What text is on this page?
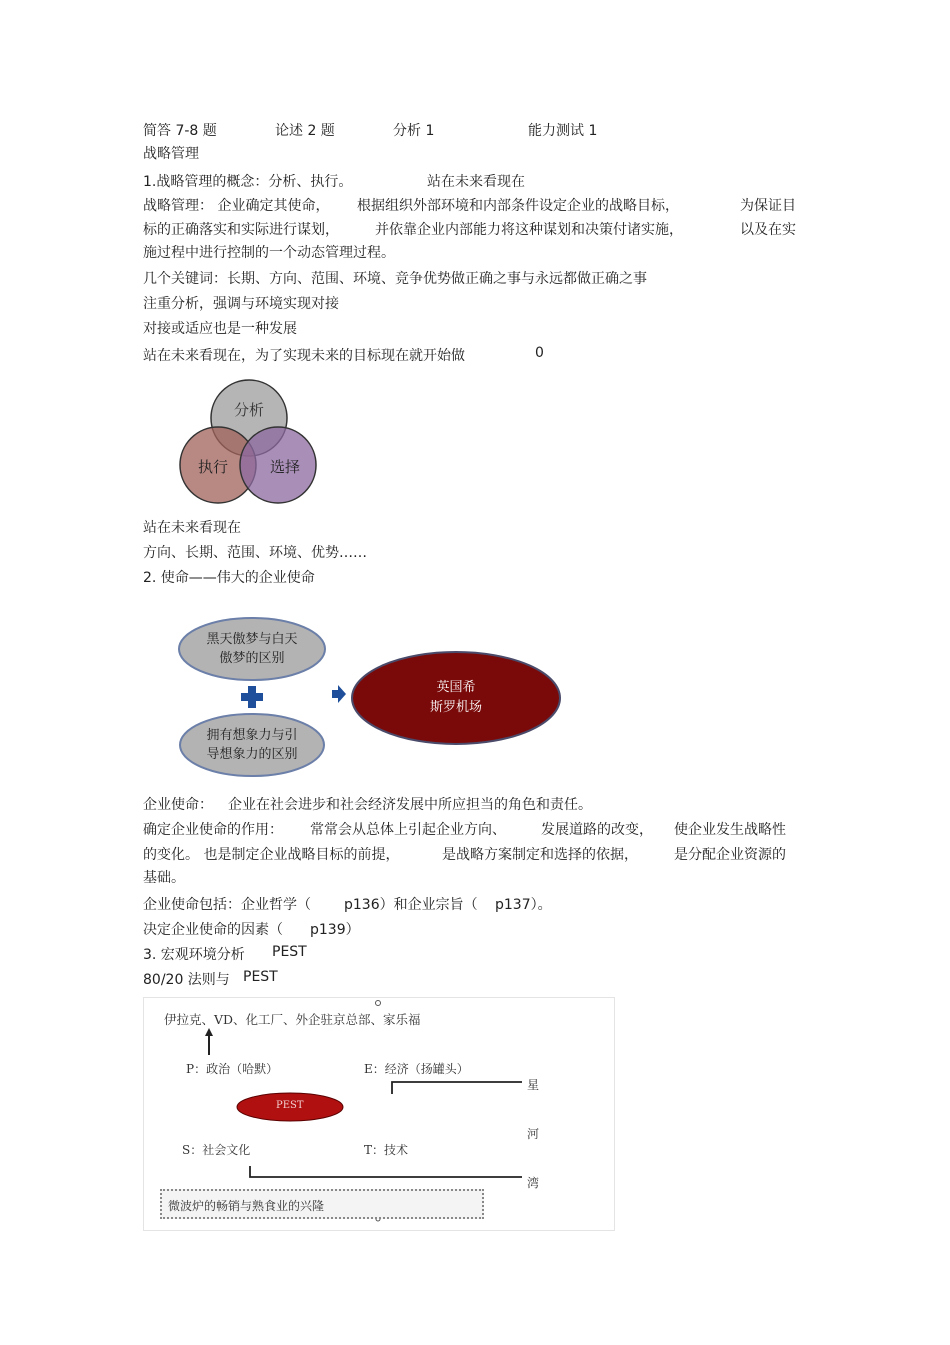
简答 7-8 题	论述 2 题	分析 1	能力测试 1
战略管理
1.战略管理的概念：分析、执行。	站在未来看现在
战略管理： 企业确定其使命， 根据组织外部环境和内部条件设定企业的战略目标，	为保证目
标的正确落实和实际进行谋划，	并依靠企业内部能力将这种谋划和决策付诸实施，	以及在实
施过程中进行控制的一个动态管理过程。
几个关键词：长期、方向、范围、环境、竞争优势做正确之事与永远都做正确之事
注重分析，强调与环境实现对接
对接或适应也是一种发展
站在未来看现在，为了实现未来的目标现在就开始做	0
分析
执行	选择
站在未来看现在
方向、长期、范围、环境、优势……
2. 使命——伟大的企业使命
黑天傲梦与白天
傲梦的区别
拥有想象力与引
导想象力的区别
英国希
斯罗机场
企业使命： 企业在社会进步和社会经济发展中所应担当的角色和责任。
确定企业使命的作用： 常常会从总体上引起企业方向、	发展道路的改变， 使企业发生战略性
的变化。 也是制定企业战略目标的前提，	是战略方案制定和选择的依据，	是分配企业资源的
基础。
企业使命包括：企业哲学（ p136）和企业宗旨（ p137）。
决定企业使命的因素（ p139）
3. 宏观环境分析 PEST
80/20 法则与 PEST
伊拉克、VD、化工厂、外企驻京总部、家乐福
P：政治（哈默）	E：经济（扬罐头）
PEST
S：社会文化	T：技术
星
河
湾
微波炉的畅销与熟食业的兴隆
